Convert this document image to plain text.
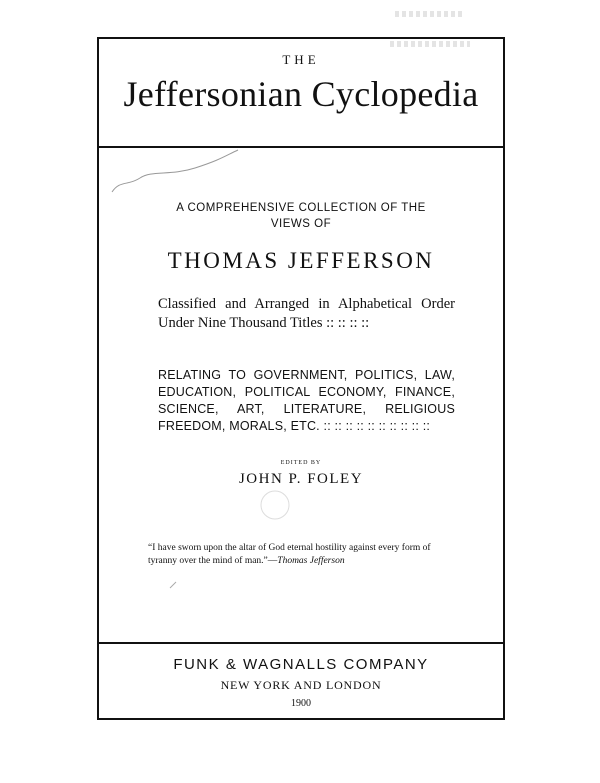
THE
Jeffersonian Cyclopedia
A COMPREHENSIVE COLLECTION OF THE
VIEWS OF
THOMAS JEFFERSON
Classified and Arranged in Alphabetical Order Under Nine Thousand Titles :: :: :: ::
RELATING TO GOVERNMENT, POLITICS, LAW, EDUCATION, POLITICAL ECONOMY, FINANCE, SCIENCE, ART, LITERATURE, RELIGIOUS FREEDOM, MORALS, ETC. :: :: :: :: :: :: :: :: :: ::
EDITED BY
JOHN P. FOLEY
“I have sworn upon the altar of God eternal hostility against every form of tyranny over the mind of man.”—Thomas Jefferson
FUNK & WAGNALLS COMPANY
NEW YORK AND LONDON
1900
